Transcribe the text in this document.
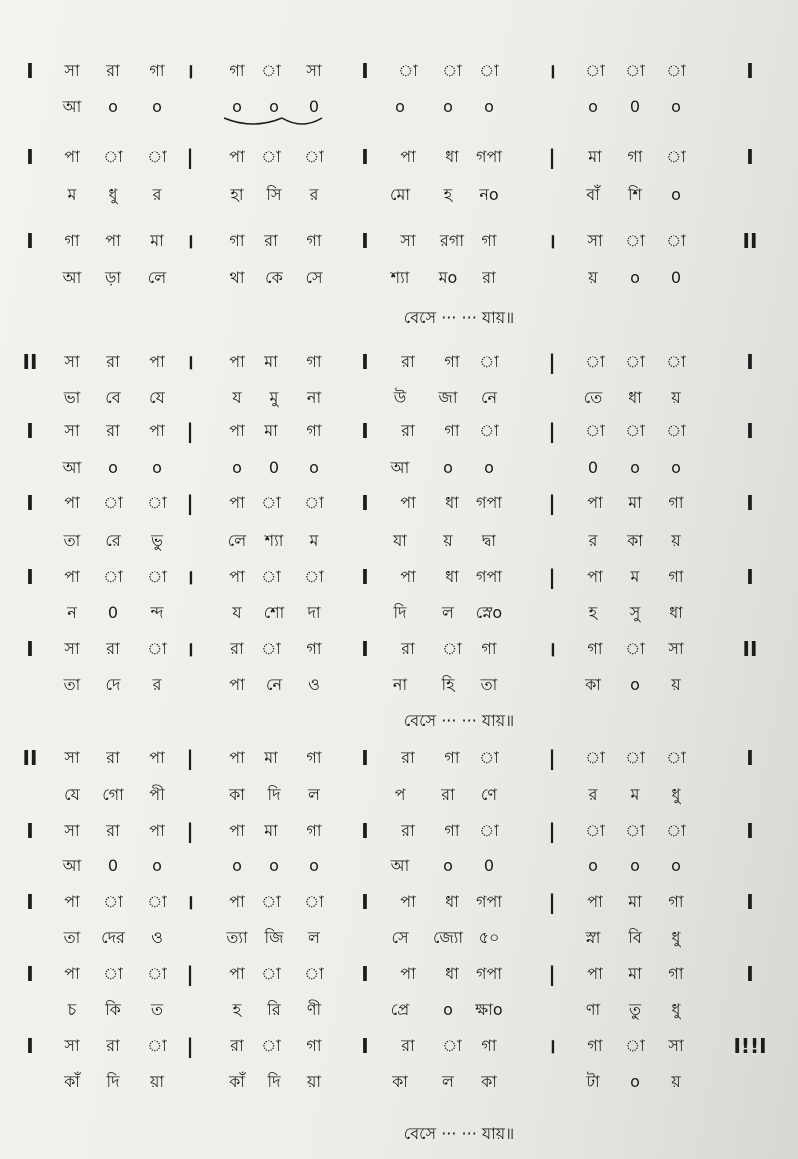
I সা রা গা । গা া সা I া া া । া া া	I
আ o o	o o 0	o o o	o 0 o
I পা া া | পা া া I পা ধা গপা | মা গা া	I
ম ধু র	হা সি র	মো হ নo	বাঁ শি o
I গা পা মা । গা রা গা I সা রগা গা	। সা া া	II
আ ড়া লে	থা কে সে	শ্যা মo রা	য় o 0
বেসে ··· ··· যায়॥
II সা রা পা । পা মা গা I রা গা া | া া া	I
ভা বে যে	য মু না	উ জা নে	তে ধা য়
I সা রা পা | পা মা গা I রা গা া | া া া	I
আ o o	o 0 o	আ o o	0 o o
I পা া া | পা া া I পা ধা গপা | পা মা গা	I
তা রে ভু	লে শ্যা ম	যা য় দ্বা	র কা য়
I পা া া । পা া া I পা ধা গপা | পা ম গা	I
ন 0 ন্দ	য শো দা	দি ল স্নেo	হ সু ধা
I সা রা া । রা া গা I রা া গা	। গা া সা	II
তা দে র	পা নে ও	না হি তা	কা o য়
বেসে ··· ··· যায়॥
II সা রা পা | পা মা গা I রা গা া | া া া	I
যে গো পী	কা দি ল	প রা ণে	র ম ধু
I সা রা পা | পা মা গা I রা গা া | া া া	I
আ 0 o	o o o	আ o 0	o o o
I পা া া । পা া া I পা ধা গপা | পা মা গা	I
তা দের ও	ত্যা জি ল	সে জ্যো ৫০	স্না বি ধু
I পা া া | পা া া I পা ধা গপা | পা মা গা	I
চ কি ত	হ রি ণী	প্রে o ক্ষাo	ণা তু ধু
I সা রা া | রা া গা I রা া গা	। গা া সা I!!I
কাঁ দি য়া	কাঁ দি য়া	কা ল কা	টা o য়
বেসে ··· ··· যায়॥
